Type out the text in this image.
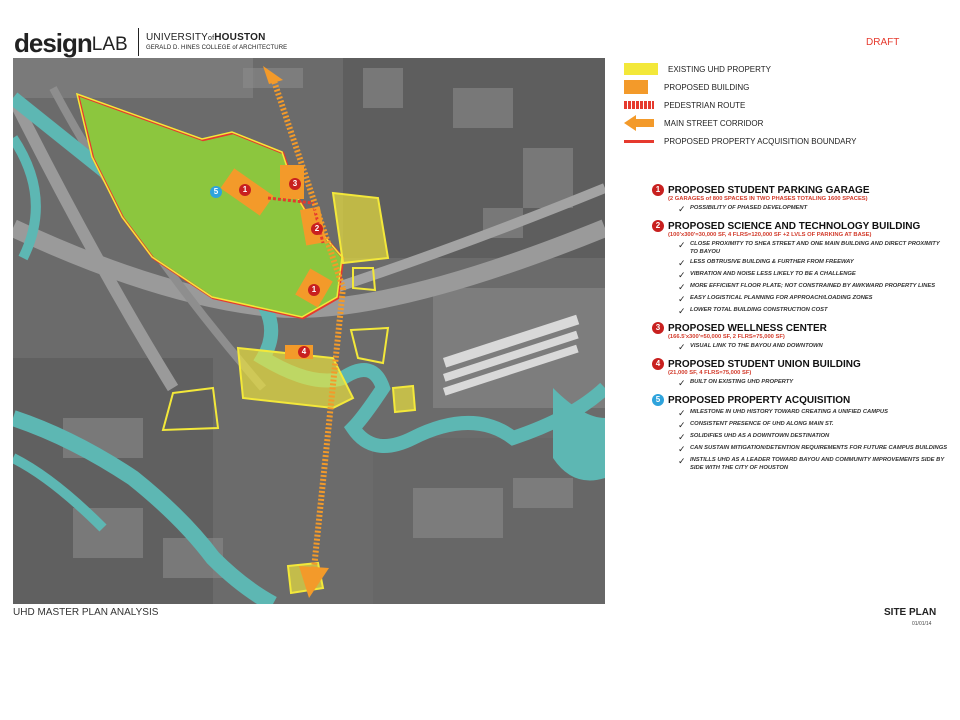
design LAB UNIVERSITYofHOUSTON
GERALD D. HINES COLLEGE of ARCHITECTURE	DRAFT
1
1
2
3
4
5
EXISTING UHD PROPERTY
PROPOSED BUILDING
PEDESTRIAN ROUTE
MAIN STREET CORRIDOR
PROPOSED PROPERTY ACQUISITION BOUNDARY
1 PROPOSED STUDENT PARKING GARAGE
(2 GARAGES of 800 SPACES IN TWO PHASES TOTALING 1600 SPACES)
✓ POSSIBILITY OF PHASED DEVELOPMENT
2 PROPOSED SCIENCE AND TECHNOLOGY BUILDING
(100'x300'=30,000 SF, 4 FLRS=120,000 SF +2 LVLS OF PARKING AT BASE)
✓ CLOSE PROXIMITY TO SHEA STREET AND ONE MAIN BUILDING AND DIRECT PROXIMITY TO BAYOU
✓ LESS OBTRUSIVE BUILDING & FURTHER FROM FREEWAY
✓ VIBRATION AND NOISE LESS LIKELY TO BE A CHALLENGE
✓ MORE EFFICIENT FLOOR PLATE; NOT CONSTRAINED BY AWKWARD PROPERTY LINES
✓ EASY LOGISTICAL PLANNING FOR APPROACH/LOADING ZONES
✓ LOWER TOTAL BUILDING CONSTRUCTION COST
3 PROPOSED WELLNESS CENTER
(166.5'x300'=50,000 SF, 2 FLRS=75,000 SF)
✓ VISUAL LINK TO THE BAYOU AND DOWNTOWN
4 PROPOSED STUDENT UNION BUILDING
(21,000 SF, 4 FLRS=75,000 SF)
✓ BUILT ON EXISTING UHD PROPERTY
5 PROPOSED PROPERTY ACQUISITION
✓ MILESTONE IN UHD HISTORY TOWARD CREATING A UNIFIED CAMPUS
✓ CONSISTENT PRESENCE OF UHD ALONG MAIN ST.
✓ SOLIDIFIES UHD AS A DOWNTOWN DESTINATION
✓ CAN SUSTAIN MITIGATION/DETENTION REQUIREMENTS FOR FUTURE CAMPUS BUILDINGS
✓ INSTILLS UHD AS A LEADER TOWARD BAYOU AND COMMUNITY IMPROVEMENTS SIDE BY SIDE WITH THE CITY OF HOUSTON
UHD MASTER PLAN ANALYSIS	SITE PLAN
01/01/14
